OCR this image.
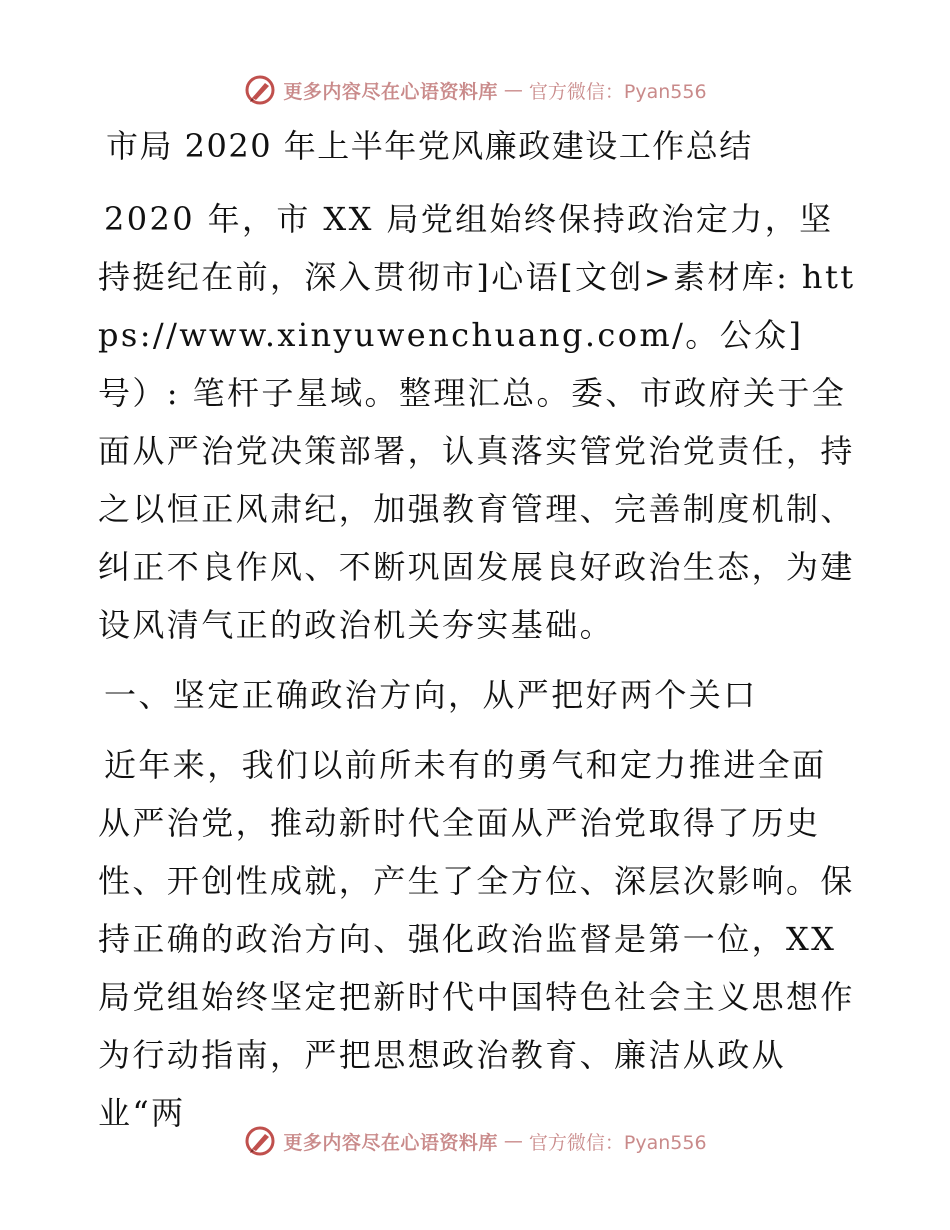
更多内容尽在心语资料库 — 官方微信：Pyan556
市局 2020 年上半年党风廉政建设工作总结

2020 年，市 XX 局党组始终保持政治定力，坚持挺纪在前，深入贯彻市]心语[文创>素材库: https://www.xinyuwenchuang.com/。公众]号）: 笔杆子星域。整理汇总。委、市政府关于全面从严治党决策部署，认真落实管党治党责任，持之以恒正风肃纪，加强教育管理、完善制度机制、纠正不良作风、不断巩固发展良好政治生态，为建设风清气正的政治机关夯实基础。

一、坚定正确政治方向，从严把好两个关口

近年来，我们以前所未有的勇气和定力推进全面从严治党，推动新时代全面从严治党取得了历史性、开创性成就，产生了全方位、深层次影响。保持正确的政治方向、强化政治监督是第一位，XX 局党组始终坚定把新时代中国特色社会主义思想作为行动指南，严把思想政治教育、廉洁从政从业“两

更多内容尽在心语资料库 — 官方微信：Pyan556
